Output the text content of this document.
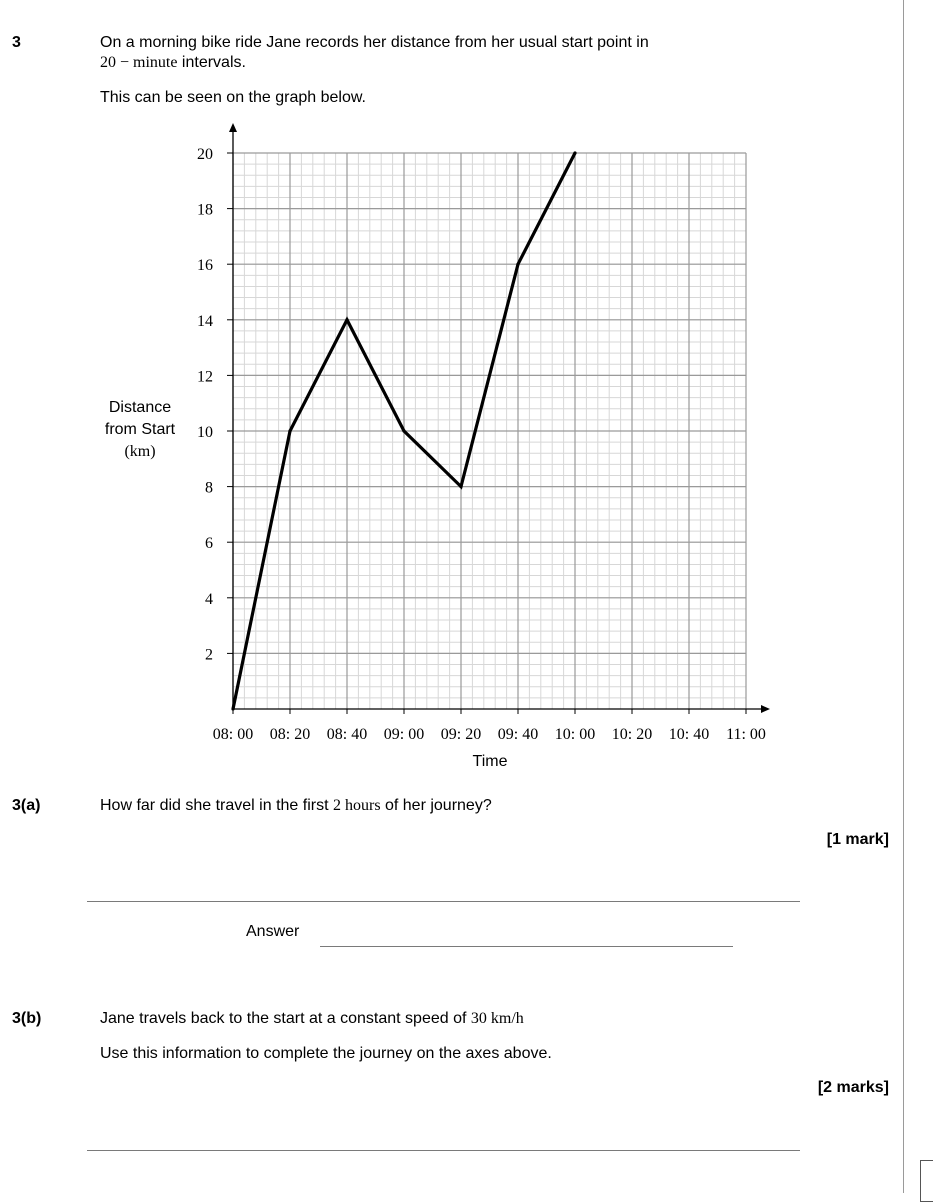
3	On a morning bike ride Jane records her distance from her usual start point in
20 − minute intervals.
This can be seen on the graph below.
2
4
6
8
10
12
14
16
18
20
08: 00 08: 20 08: 40 09: 00 09: 20 09: 40 10: 00 10: 20 10: 40 11: 00
Distance
from Start
(km)
Time
3(a)	How far did she travel in the first 2 hours of her journey?
[1 mark]
Answer
3(b)	Jane travels back to the start at a constant speed of 30 km/h
Use this information to complete the journey on the axes above.
[2 marks]
